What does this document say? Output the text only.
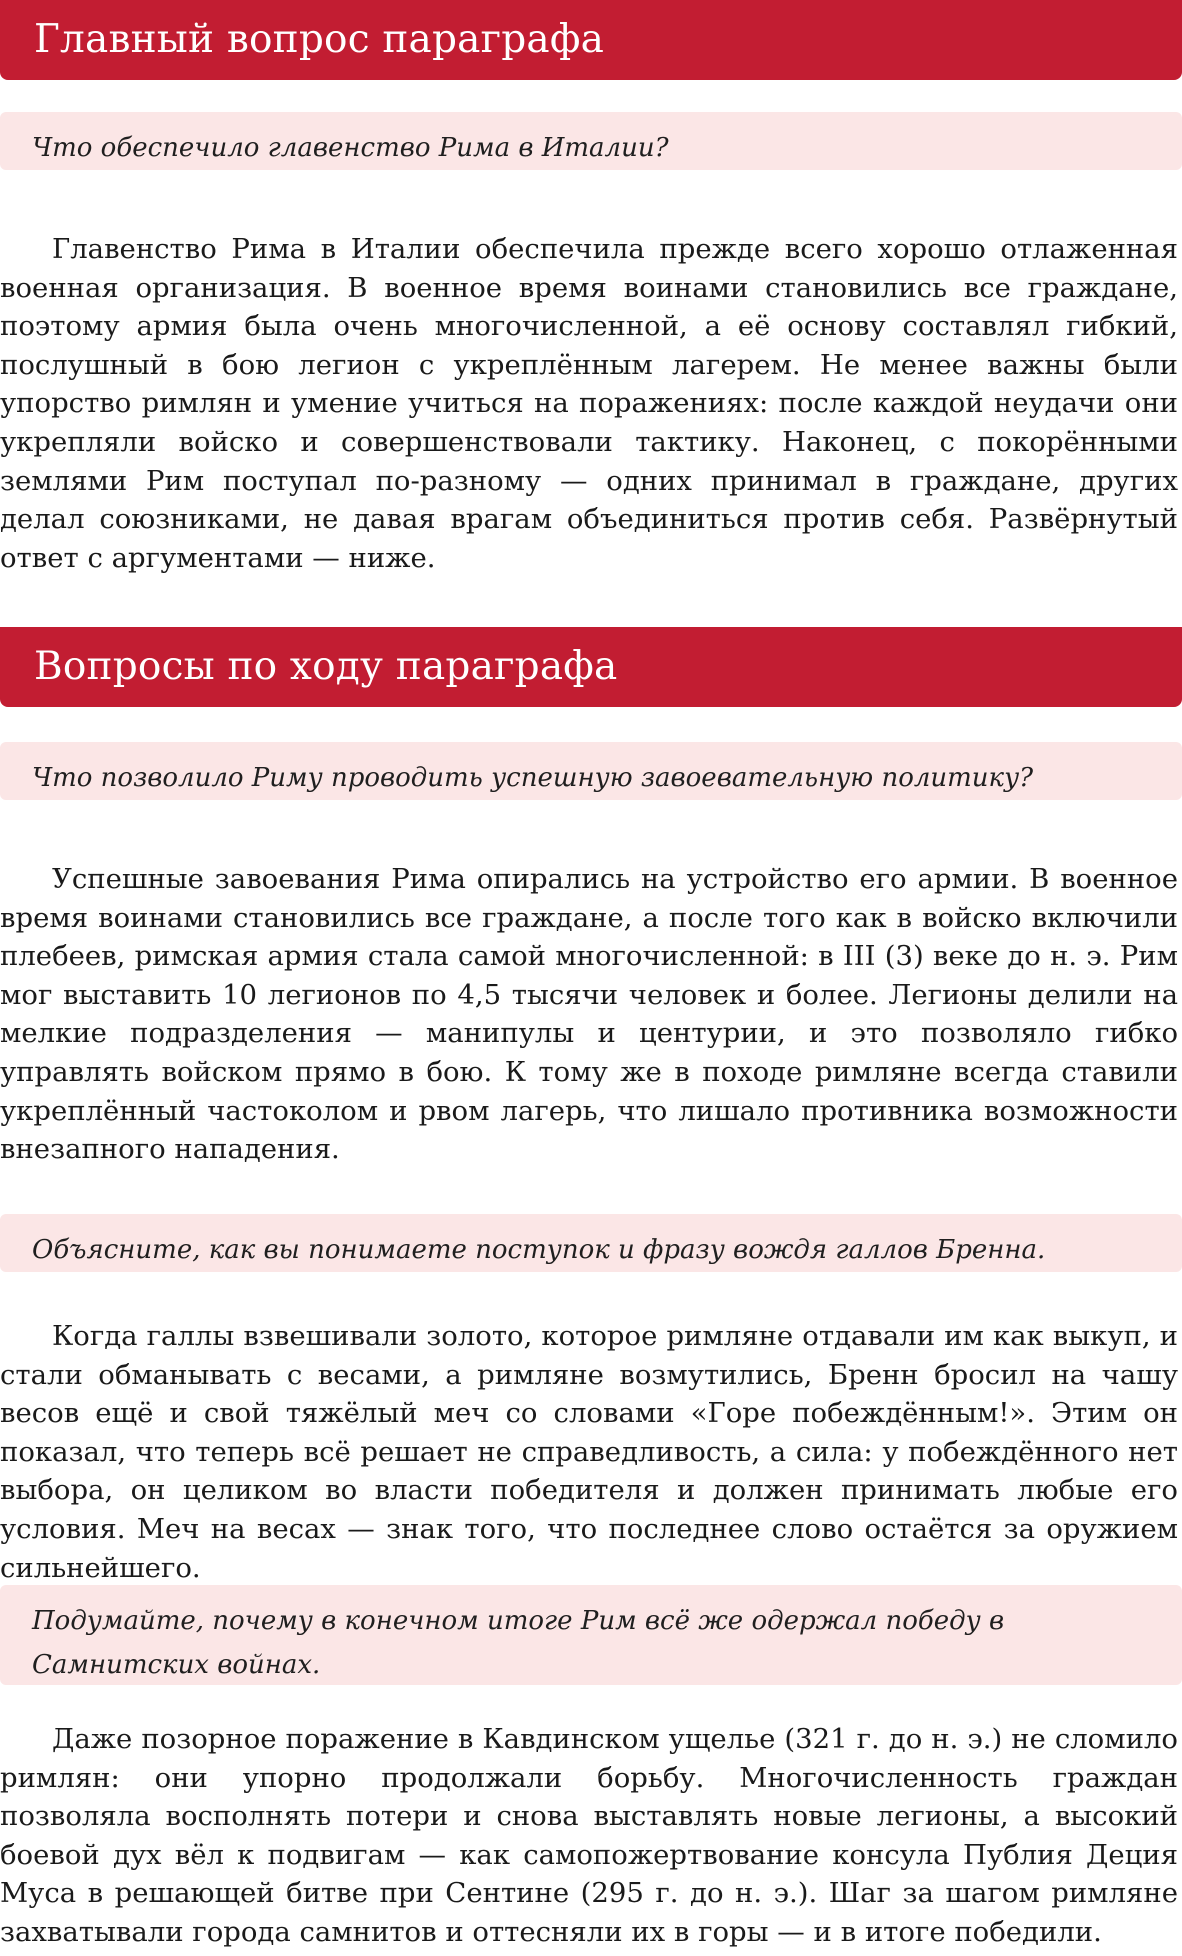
Главный вопрос параграфа
Что обеспечило главенство Рима в Италии?
Главенство Рима в Италии обеспечила прежде всего хорошо отлаженная военная организация. В военное время воинами становились все граждане, поэтому армия была очень многочисленной, а её основу составлял гибкий, послушный в бою легион с укреплённым лагерем. Не менее важны были упорство римлян и умение учиться на поражениях: после каждой неудачи они укрепляли войско и совершенствовали тактику. Наконец, с покорёнными землями Рим поступал по-разному — одних принимал в граждане, других делал союзниками, не давая врагам объединиться против себя. Развёрнутый ответ с аргументами — ниже.
Вопросы по ходу параграфа
Что позволило Риму проводить успешную завоевательную политику?
Успешные завоевания Рима опирались на устройство его армии. В военное время воинами становились все граждане, а после того как в войско включили плебеев, римская армия стала самой многочисленной: в III (3) веке до н. э. Рим мог выставить 10 легионов по 4,5 тысячи человек и более. Легионы делили на мелкие подразделения — манипулы и центурии, и это позволяло гибко управлять войском прямо в бою. К тому же в походе римляне всегда ставили укреплённый частоколом и рвом лагерь, что лишало противника возможности внезапного нападения.
Объясните, как вы понимаете поступок и фразу вождя галлов Бренна.
Когда галлы взвешивали золото, которое римляне отдавали им как выкуп, и стали обманывать с весами, а римляне возмутились, Бренн бросил на чашу весов ещё и свой тяжёлый меч со словами «Горе побеждённым!». Этим он показал, что теперь всё решает не справедливость, а сила: у побеждённого нет выбора, он целиком во власти победителя и должен принимать любые его условия. Меч на весах — знак того, что последнее слово остаётся за оружием сильнейшего.
Подумайте, почему в конечном итоге Рим всё же одержал победу в Самнитских войнах.
Даже позорное поражение в Кавдинском ущелье (321 г. до н. э.) не сломило римлян: они упорно продолжали борьбу. Многочисленность граждан позволяла восполнять потери и снова выставлять новые легионы, а высокий боевой дух вёл к подвигам — как самопожертвование консула Публия Деция Муса в решающей битве при Сентине (295 г. до н. э.). Шаг за шагом римляне захватывали города самнитов и оттесняли их в горы — и в итоге победили.
